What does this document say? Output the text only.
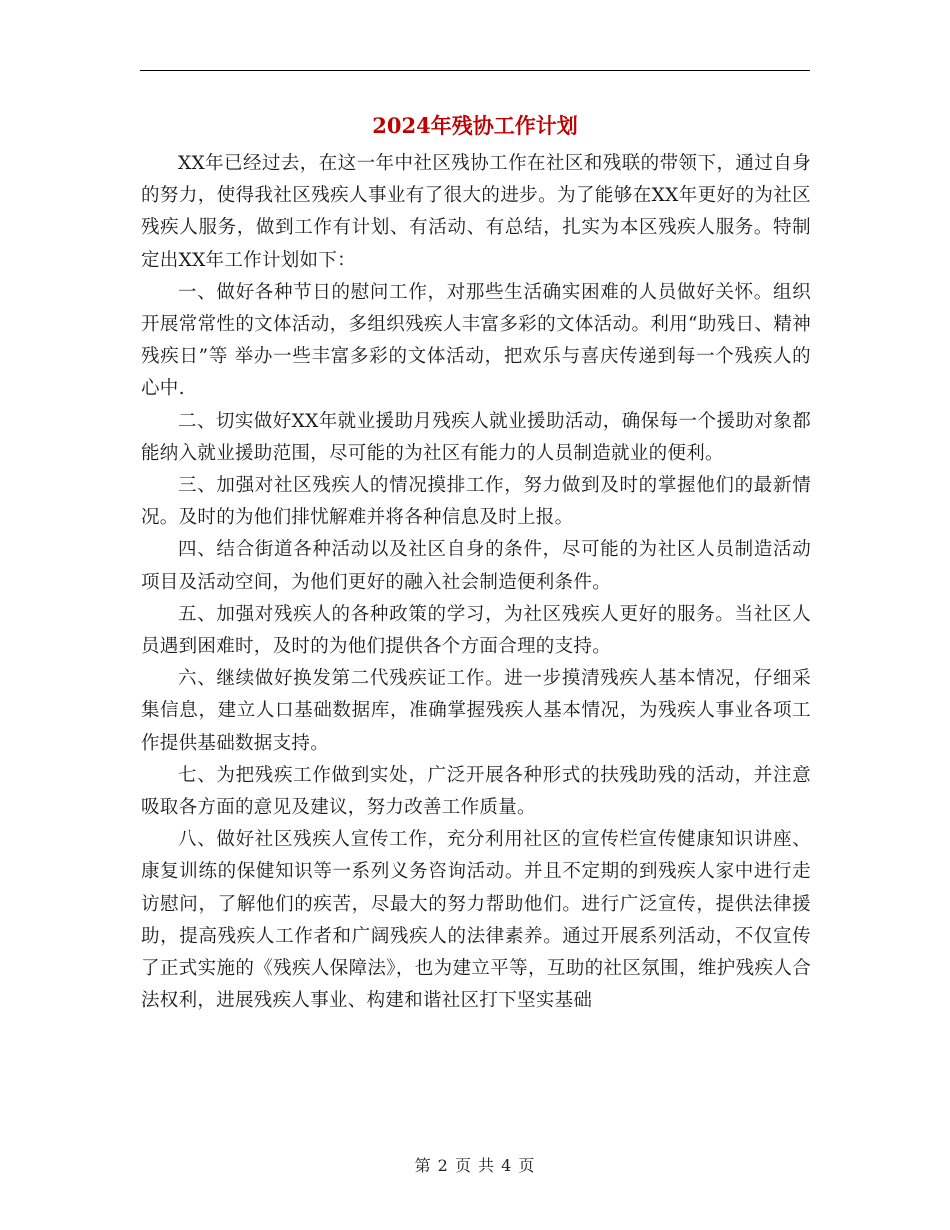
2024年残协工作计划

XX年已经过去，在这一年中社区残协工作在社区和残联的带领下，通过自身的努力，使得我社区残疾人事业有了很大的进步。为了能够在XX年更好的为社区残疾人服务，做到工作有计划、有活动、有总结，扎实为本区残疾人服务。特制定出XX年工作计划如下：

一、做好各种节日的慰问工作，对那些生活确实困难的人员做好关怀。组织开展常常性的文体活动，多组织残疾人丰富多彩的文体活动。利用“助残日、精神残疾日”等 举办一些丰富多彩的文体活动，把欢乐与喜庆传递到每一个残疾人的心中.

二、切实做好XX年就业援助月残疾人就业援助活动，确保每一个援助对象都能纳入就业援助范围，尽可能的为社区有能力的人员制造就业的便利。

三、加强对社区残疾人的情况摸排工作，努力做到及时的掌握他们的最新情况。及时的为他们排忧解难并将各种信息及时上报。

四、结合街道各种活动以及社区自身的条件，尽可能的为社区人员制造活动项目及活动空间，为他们更好的融入社会制造便利条件。

五、加强对残疾人的各种政策的学习，为社区残疾人更好的服务。当社区人员遇到困难时，及时的为他们提供各个方面合理的支持。

六、继续做好换发第二代残疾证工作。进一步摸清残疾人基本情况，仔细采集信息，建立人口基础数据库，准确掌握残疾人基本情况，为残疾人事业各项工作提供基础数据支持。

七、为把残疾工作做到实处，广泛开展各种形式的扶残助残的活动，并注意吸取各方面的意见及建议，努力改善工作质量。

八、做好社区残疾人宣传工作，充分利用社区的宣传栏宣传健康知识讲座、康复训练的保健知识等一系列义务咨询活动。并且不定期的到残疾人家中进行走访慰问，了解他们的疾苦，尽最大的努力帮助他们。进行广泛宣传，提供法律援助，提高残疾人工作者和广阔残疾人的法律素养。通过开展系列活动，不仅宣传了正式实施的《残疾人保障法》，也为建立平等，互助的社区氛围，维护残疾人合法权利，进展残疾人事业、构建和谐社区打下坚实基础

第 2 页 共 4 页
